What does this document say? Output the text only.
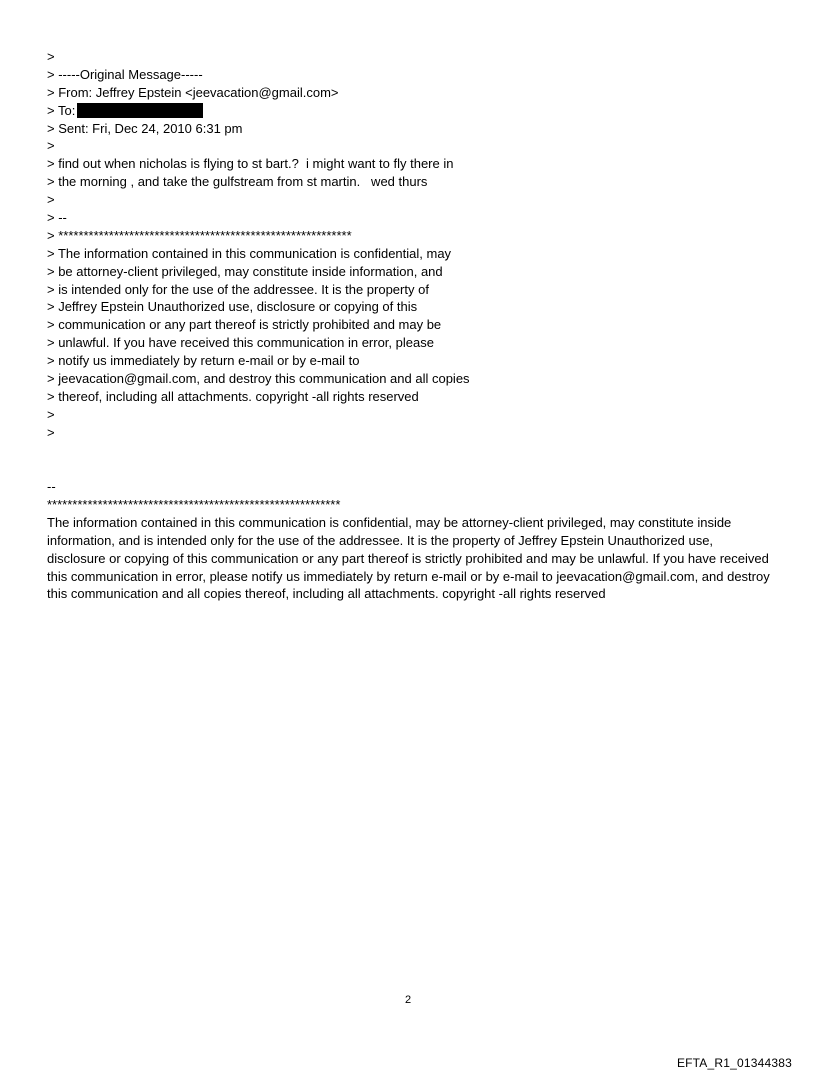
>
> -----Original Message-----
> From: Jeffrey Epstein <jeevacation@gmail.com>
> To:
> Sent: Fri, Dec 24, 2010 6:31 pm
>
> find out when nicholas is flying to st bart.?  i might want to fly there in
> the morning , and take the gulfstream from st martin.   wed thurs
>
> --
> **********************************************************
> The information contained in this communication is confidential, may
> be attorney-client privileged, may constitute inside information, and
> is intended only for the use of the addressee. It is the property of
> Jeffrey Epstein Unauthorized use, disclosure or copying of this
> communication or any part thereof is strictly prohibited and may be
> unlawful. If you have received this communication in error, please
> notify us immediately by return e-mail or by e-mail to
> jeevacation@gmail.com, and destroy this communication and all copies
> thereof, including all attachments. copyright -all rights reserved
>
>
--
**********************************************************

The information contained in this communication is confidential, may be attorney-client privileged, may constitute inside information, and is intended only for the use of the addressee. It is the property of Jeffrey Epstein Unauthorized use, disclosure or copying of this communication or any part thereof is strictly prohibited and may be unlawful. If you have received this communication in error, please notify us immediately by return e-mail or by e-mail to jeevacation@gmail.com, and destroy this communication and all copies thereof, including all attachments. copyright -all rights reserved

2
EFTA_R1_01344383
